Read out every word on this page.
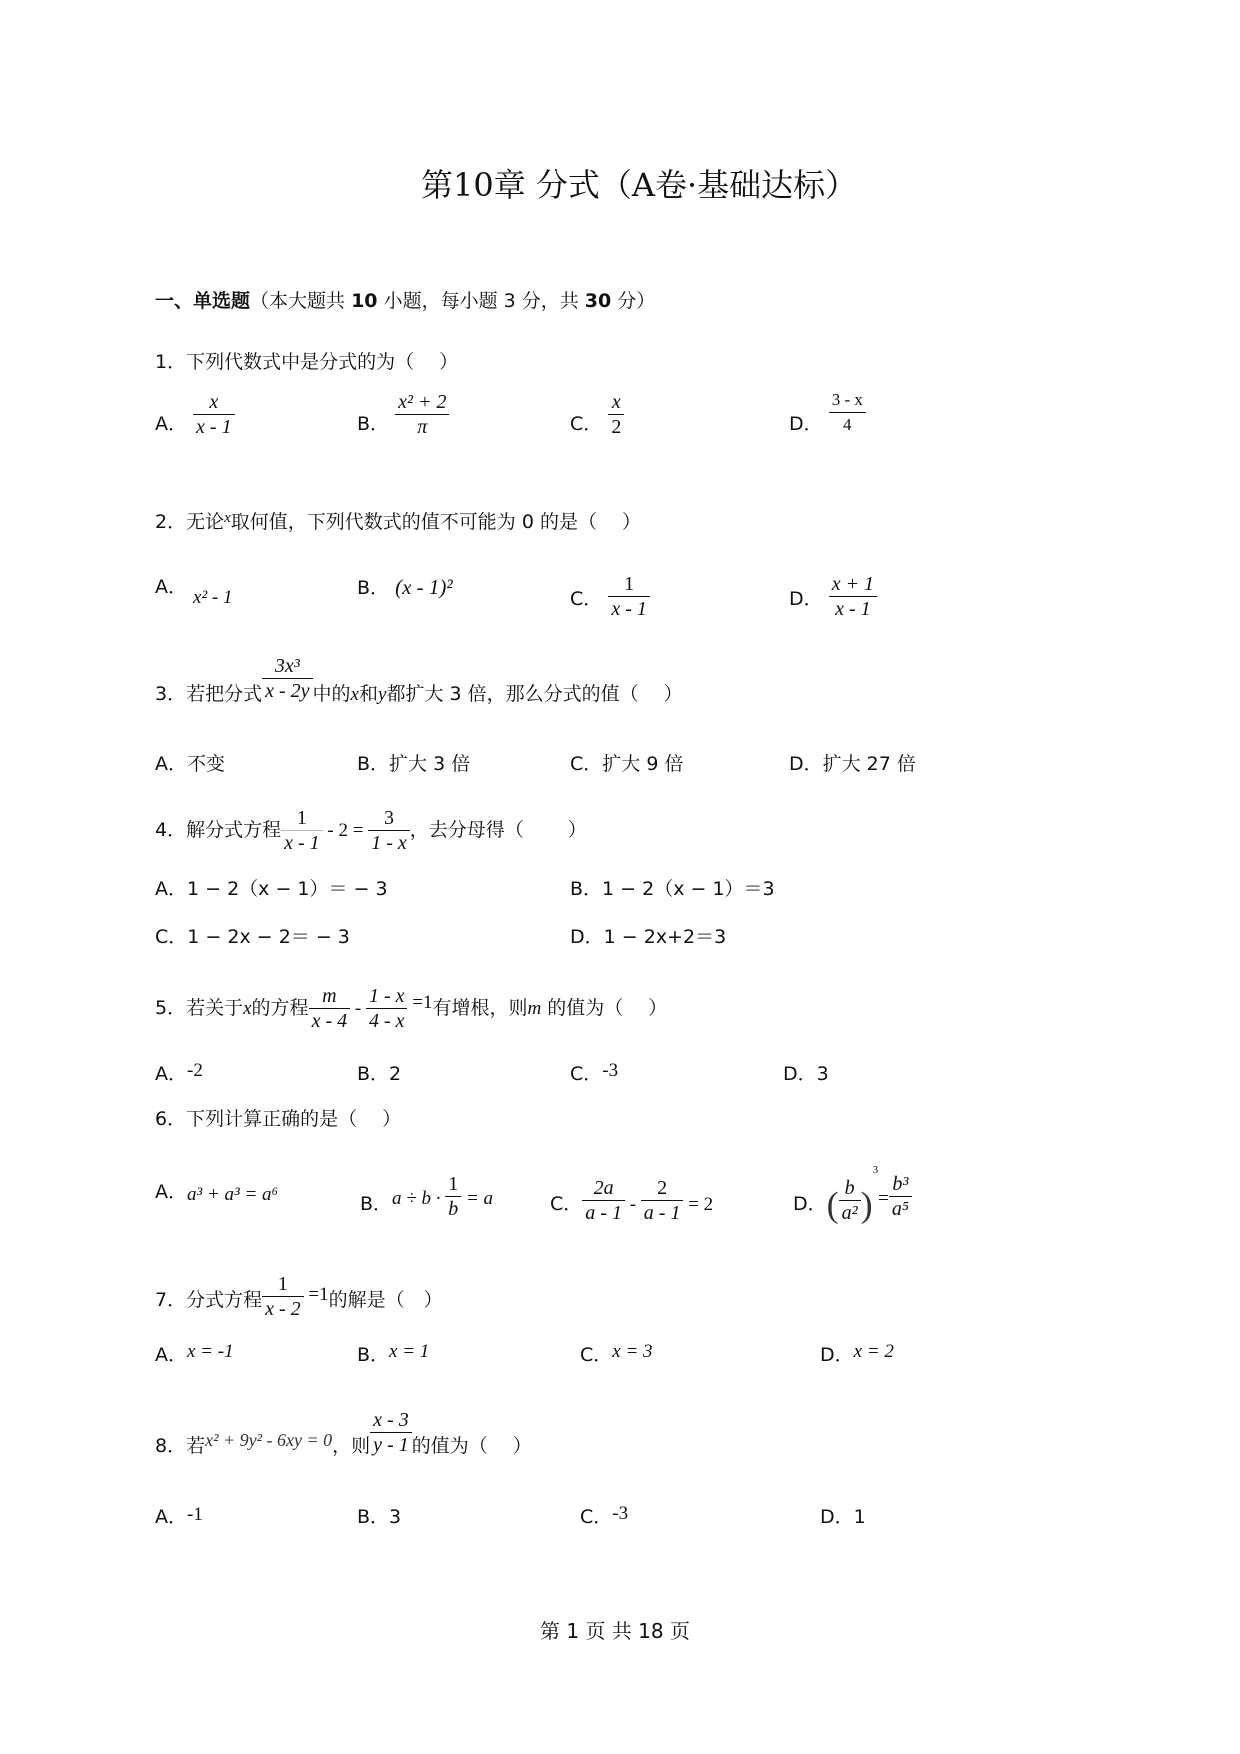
第10章 分式（A卷·基础达标）
一、单选题（本大题共 10 小题，每小题 3 分，共 30 分）
1．下列代数式中是分式的为（　 ）
A． $\frac{x}{x - 1}$	B． $\frac{\text{x² + 2}}{\pi}$	C． $\frac{x}{2}$	D． $\frac{3 - x}{4}$
2．无论$^x$取何值，下列代数式的值不可能为 0 的是（　 ）
A． x² - 1	B． (x - 1)²	C． $\frac{1}{x - 1}$	D． $\frac{x + 1}{x - 1}$
3．若把分式 $\frac{\text{3x³}}{x - 2y}$ 中的x和y都扩大 3 倍，那么分式的值（　 ）
A．不变	B．扩大 3 倍	C．扩大 9 倍	D．扩大 27 倍
4．解分式方程 $\frac{1}{x - 1} - 2 = \frac{3}{1 - x}$ ，去分母得（　　 ）
A．1 − 2（x − 1）＝ − 3	B．1 − 2（x − 1）＝3
C．1 − 2x − 2＝ − 3	D．1 − 2x+2＝3
5．若关于x的方程 $\frac{m}{x - 4} - \frac{1 - x}{4 - x} =1$有增根，则m 的值为（　 ）
A．-2	B．2	C．-3	D．3
6．下列计算正确的是（　 ）
A．a³ + a³ = a⁶	B．$a \div b \cdot \frac{1}{b} = a$	C． $\frac{2a}{a - 1} - \frac{2}{a - 1} = 2$	D．( $\frac{b}{\text{a²}} )^3= \frac{\text{b³}}{\text{a⁵}}$
7．分式方程 $\frac{1}{x - 2} =1$的解是（　）
A．x = -1	B．x = 1	C．x = 3	D．x = 2
8．若x² + 9y² - 6xy = 0，则 $\frac{x - 3}{y - 1}$ 的值为（　 ）
A．-1	B．3	C．-3	D．1
第 1 页 共 18 页
